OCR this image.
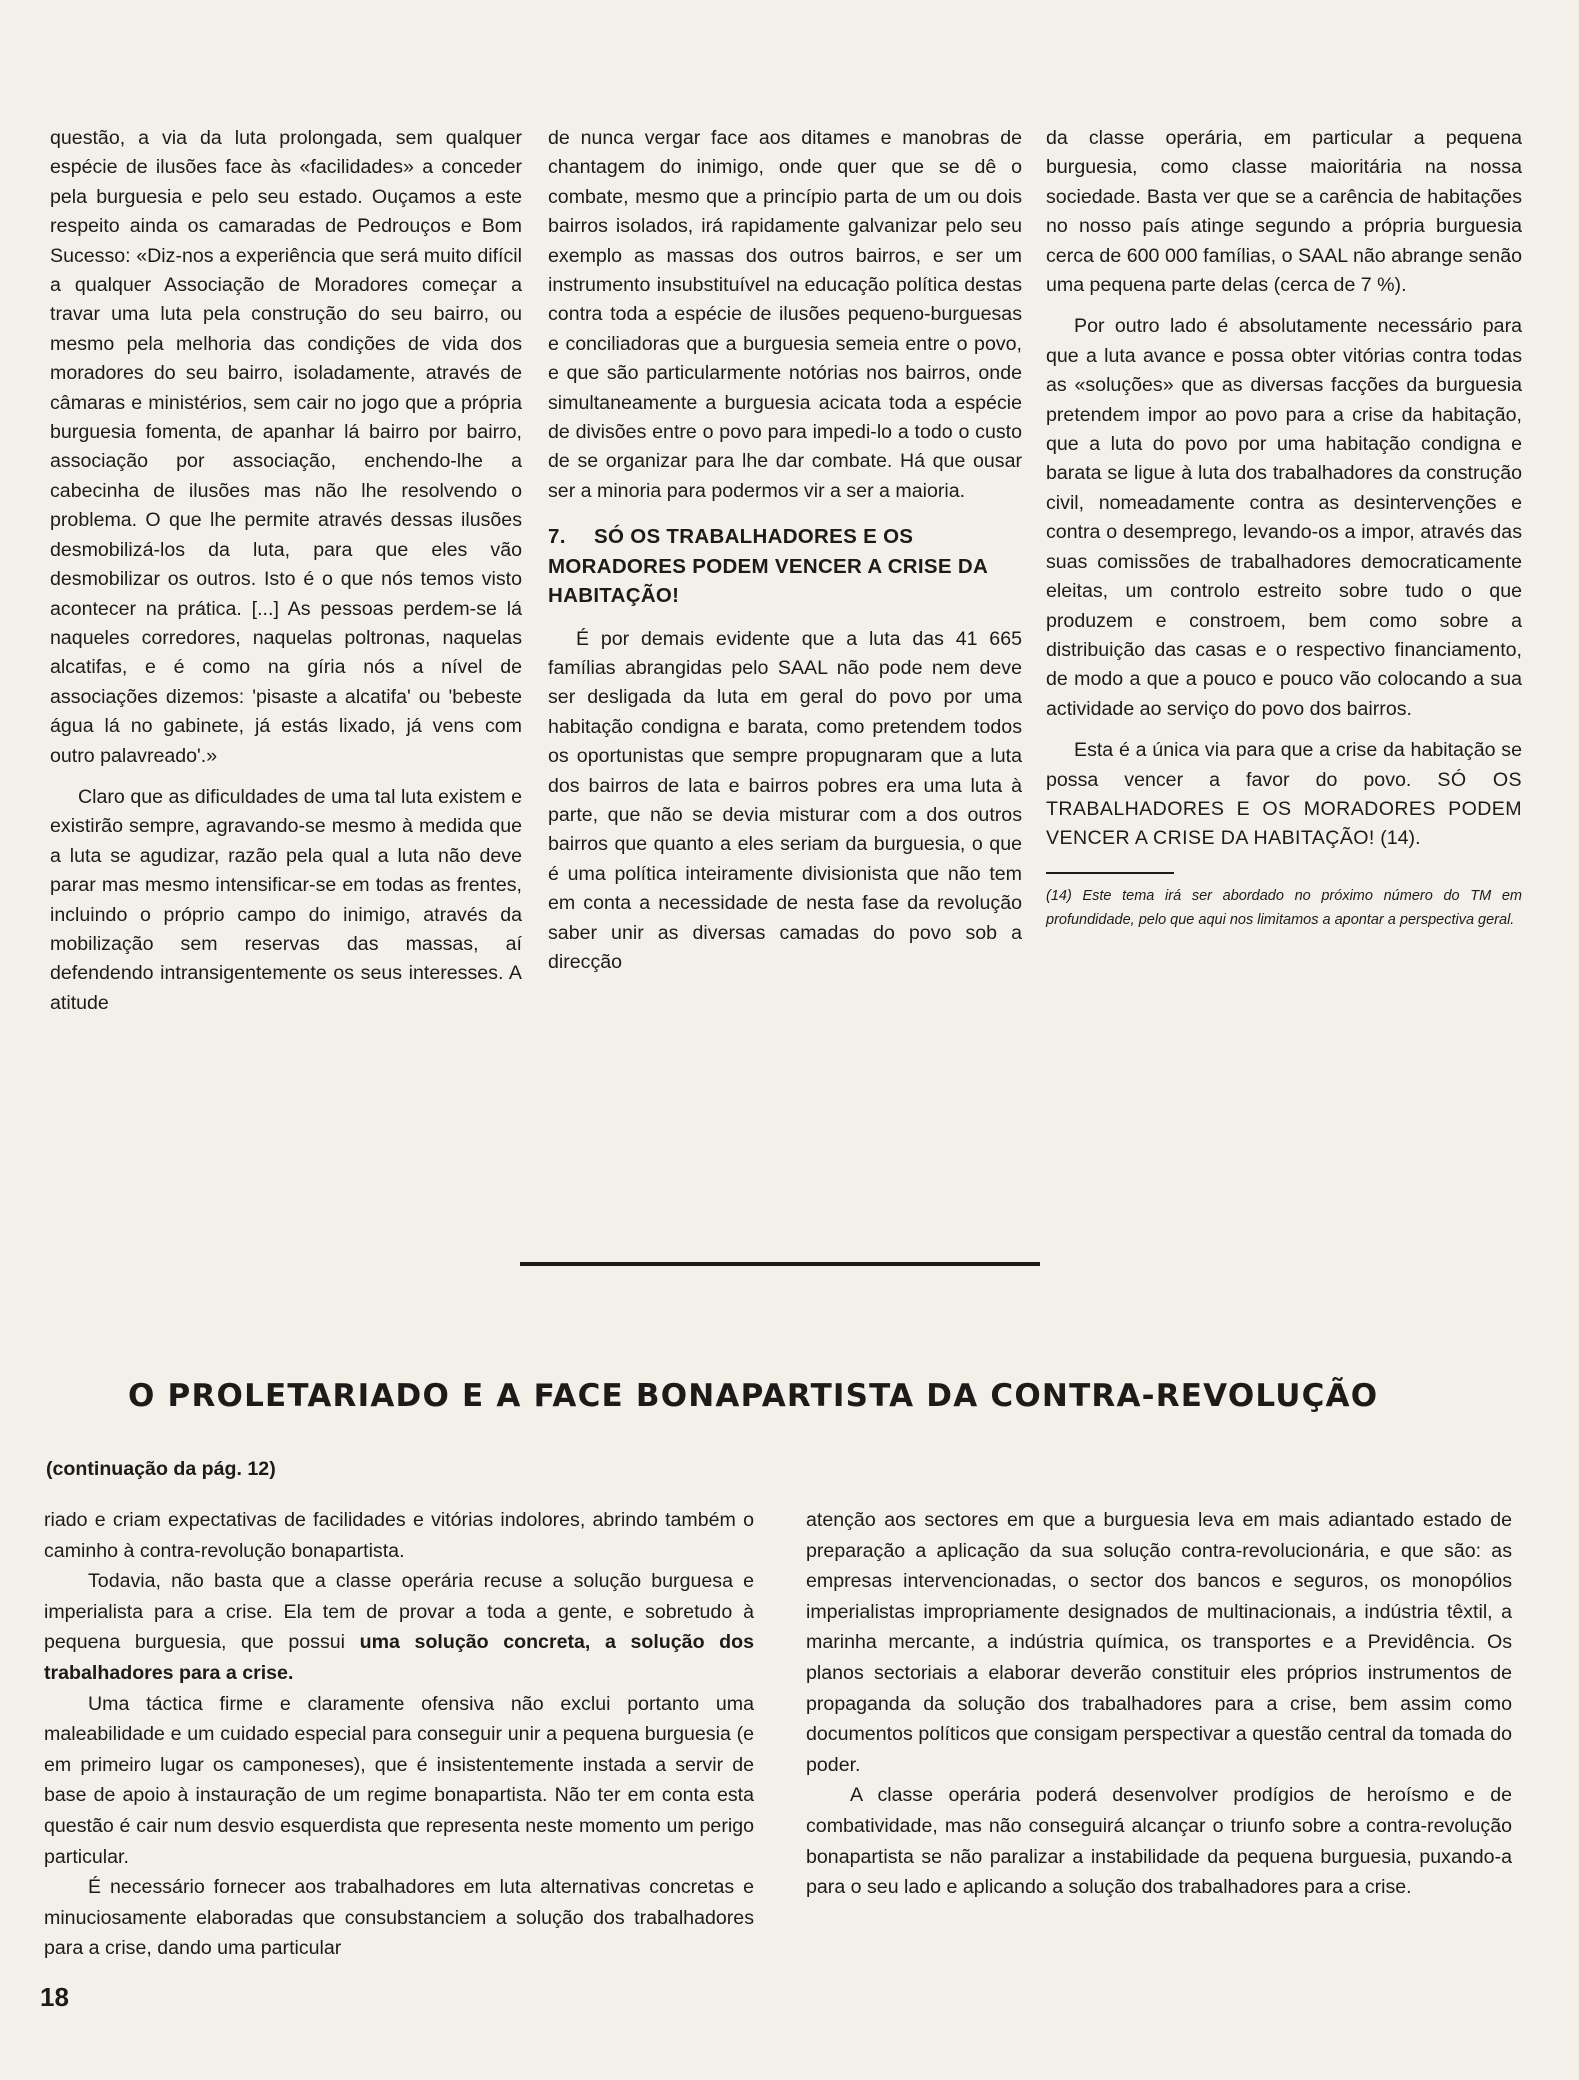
questão, a via da luta prolongada, sem qualquer espécie de ilusões face às «facilidades» a conceder pela burguesia e pelo seu estado. Ouçamos a este respeito ainda os camaradas de Pedrouços e Bom Sucesso: «Diz-nos a experiência que será muito difícil a qualquer Associação de Moradores começar a travar uma luta pela construção do seu bairro, ou mesmo pela melhoria das condições de vida dos moradores do seu bairro, isoladamente, através de câmaras e ministérios, sem cair no jogo que a própria burguesia fomenta, de apanhar lá bairro por bairro, associação por associação, enchendo-lhe a cabecinha de ilusões mas não lhe resolvendo o problema. O que lhe permite através dessas ilusões desmobilizá-los da luta, para que eles vão desmobilizar os outros. Isto é o que nós temos visto acontecer na prática. [...] As pessoas perdem-se lá naqueles corredores, naquelas poltronas, naquelas alcatifas, e é como na gíria nós a nível de associações dizemos: 'pisaste a alcatifa' ou 'bebeste água lá no gabinete, já estás lixado, já vens com outro palavreado'.»

Claro que as dificuldades de uma tal luta existem e existirão sempre, agravando-se mesmo à medida que a luta se agudizar, razão pela qual a luta não deve parar mas mesmo intensificar-se em todas as frentes, incluindo o próprio campo do inimigo, através da mobilização sem reservas das massas, aí defendendo intransigentemente os seus interesses. A atitude

de nunca vergar face aos ditames e manobras de chantagem do inimigo, onde quer que se dê o combate, mesmo que a princípio parta de um ou dois bairros isolados, irá rapidamente galvanizar pelo seu exemplo as massas dos outros bairros, e ser um instrumento insubstituível na educação política destas contra toda a espécie de ilusões pequeno-burguesas e conciliadoras que a burguesia semeia entre o povo, e que são particularmente notórias nos bairros, onde simultaneamente a burguesia acicata toda a espécie de divisões entre o povo para impedi-lo a todo o custo de se organizar para lhe dar combate. Há que ousar ser a minoria para podermos vir a ser a maioria.

7. SÓ OS TRABALHADORES E OS MORADORES PODEM VENCER A CRISE DA HABITAÇÃO!

É por demais evidente que a luta das 41 665 famílias abrangidas pelo SAAL não pode nem deve ser desligada da luta em geral do povo por uma habitação condigna e barata, como pretendem todos os oportunistas que sempre propugnaram que a luta dos bairros de lata e bairros pobres era uma luta à parte, que não se devia misturar com a dos outros bairros que quanto a eles seriam da burguesia, o que é uma política inteiramente divisionista que não tem em conta a necessidade de nesta fase da revolução saber unir as diversas camadas do povo sob a direcção

da classe operária, em particular a pequena burguesia, como classe maioritária na nossa sociedade. Basta ver que se a carência de habitações no nosso país atinge segundo a própria burguesia cerca de 600 000 famílias, o SAAL não abrange senão uma pequena parte delas (cerca de 7 %).

Por outro lado é absolutamente necessário para que a luta avance e possa obter vitórias contra todas as «soluções» que as diversas facções da burguesia pretendem impor ao povo para a crise da habitação, que a luta do povo por uma habitação condigna e barata se ligue à luta dos trabalhadores da construção civil, nomeadamente contra as desintervenções e contra o desemprego, levando-os a impor, através das suas comissões de trabalhadores democraticamente eleitas, um controlo estreito sobre tudo o que produzem e constroem, bem como sobre a distribuição das casas e o respectivo financiamento, de modo a que a pouco e pouco vão colocando a sua actividade ao serviço do povo dos bairros.

Esta é a única via para que a crise da habitação se possa vencer a favor do povo. SÓ OS TRABALHADORES E OS MORADORES PODEM VENCER A CRISE DA HABITAÇÃO! (14).

(14) Este tema irá ser abordado no próximo número do TM em profundidade, pelo que aqui nos limitamos a apontar a perspectiva geral.
O PROLETARIADO E A FACE BONAPARTISTA DA CONTRA-REVOLUÇÃO
(continuação da pág. 12)

riado e criam expectativas de facilidades e vitórias indolores, abrindo também o caminho à contra-revolução bonapartista.

Todavia, não basta que a classe operária recuse a solução burguesa e imperialista para a crise. Ela tem de provar a toda a gente, e sobretudo à pequena burguesia, que possui uma solução concreta, a solução dos trabalhadores para a crise.

Uma táctica firme e claramente ofensiva não exclui portanto uma maleabilidade e um cuidado especial para conseguir unir a pequena burguesia (e em primeiro lugar os camponeses), que é insistentemente instada a servir de base de apoio à instauração de um regime bonapartista. Não ter em conta esta questão é cair num desvio esquerdista que representa neste momento um perigo particular.

É necessário fornecer aos trabalhadores em luta alternativas concretas e minuciosamente elaboradas que consubstanciem a solução dos trabalhadores para a crise, dando uma particular

atenção aos sectores em que a burguesia leva em mais adiantado estado de preparação a aplicação da sua solução contra-revolucionária, e que são: as empresas intervencionadas, o sector dos bancos e seguros, os monopólios imperialistas impropriamente designados de multinacionais, a indústria têxtil, a marinha mercante, a indústria química, os transportes e a Previdência. Os planos sectoriais a elaborar deverão constituir eles próprios instrumentos de propaganda da solução dos trabalhadores para a crise, bem assim como documentos políticos que consigam perspectivar a questão central da tomada do poder.

A classe operária poderá desenvolver prodígios de heroísmo e de combatividade, mas não conseguirá alcançar o triunfo sobre a contra-revolução bonapartista se não paralizar a instabilidade da pequena burguesia, puxando-a para o seu lado e aplicando a solução dos trabalhadores para a crise.

18
